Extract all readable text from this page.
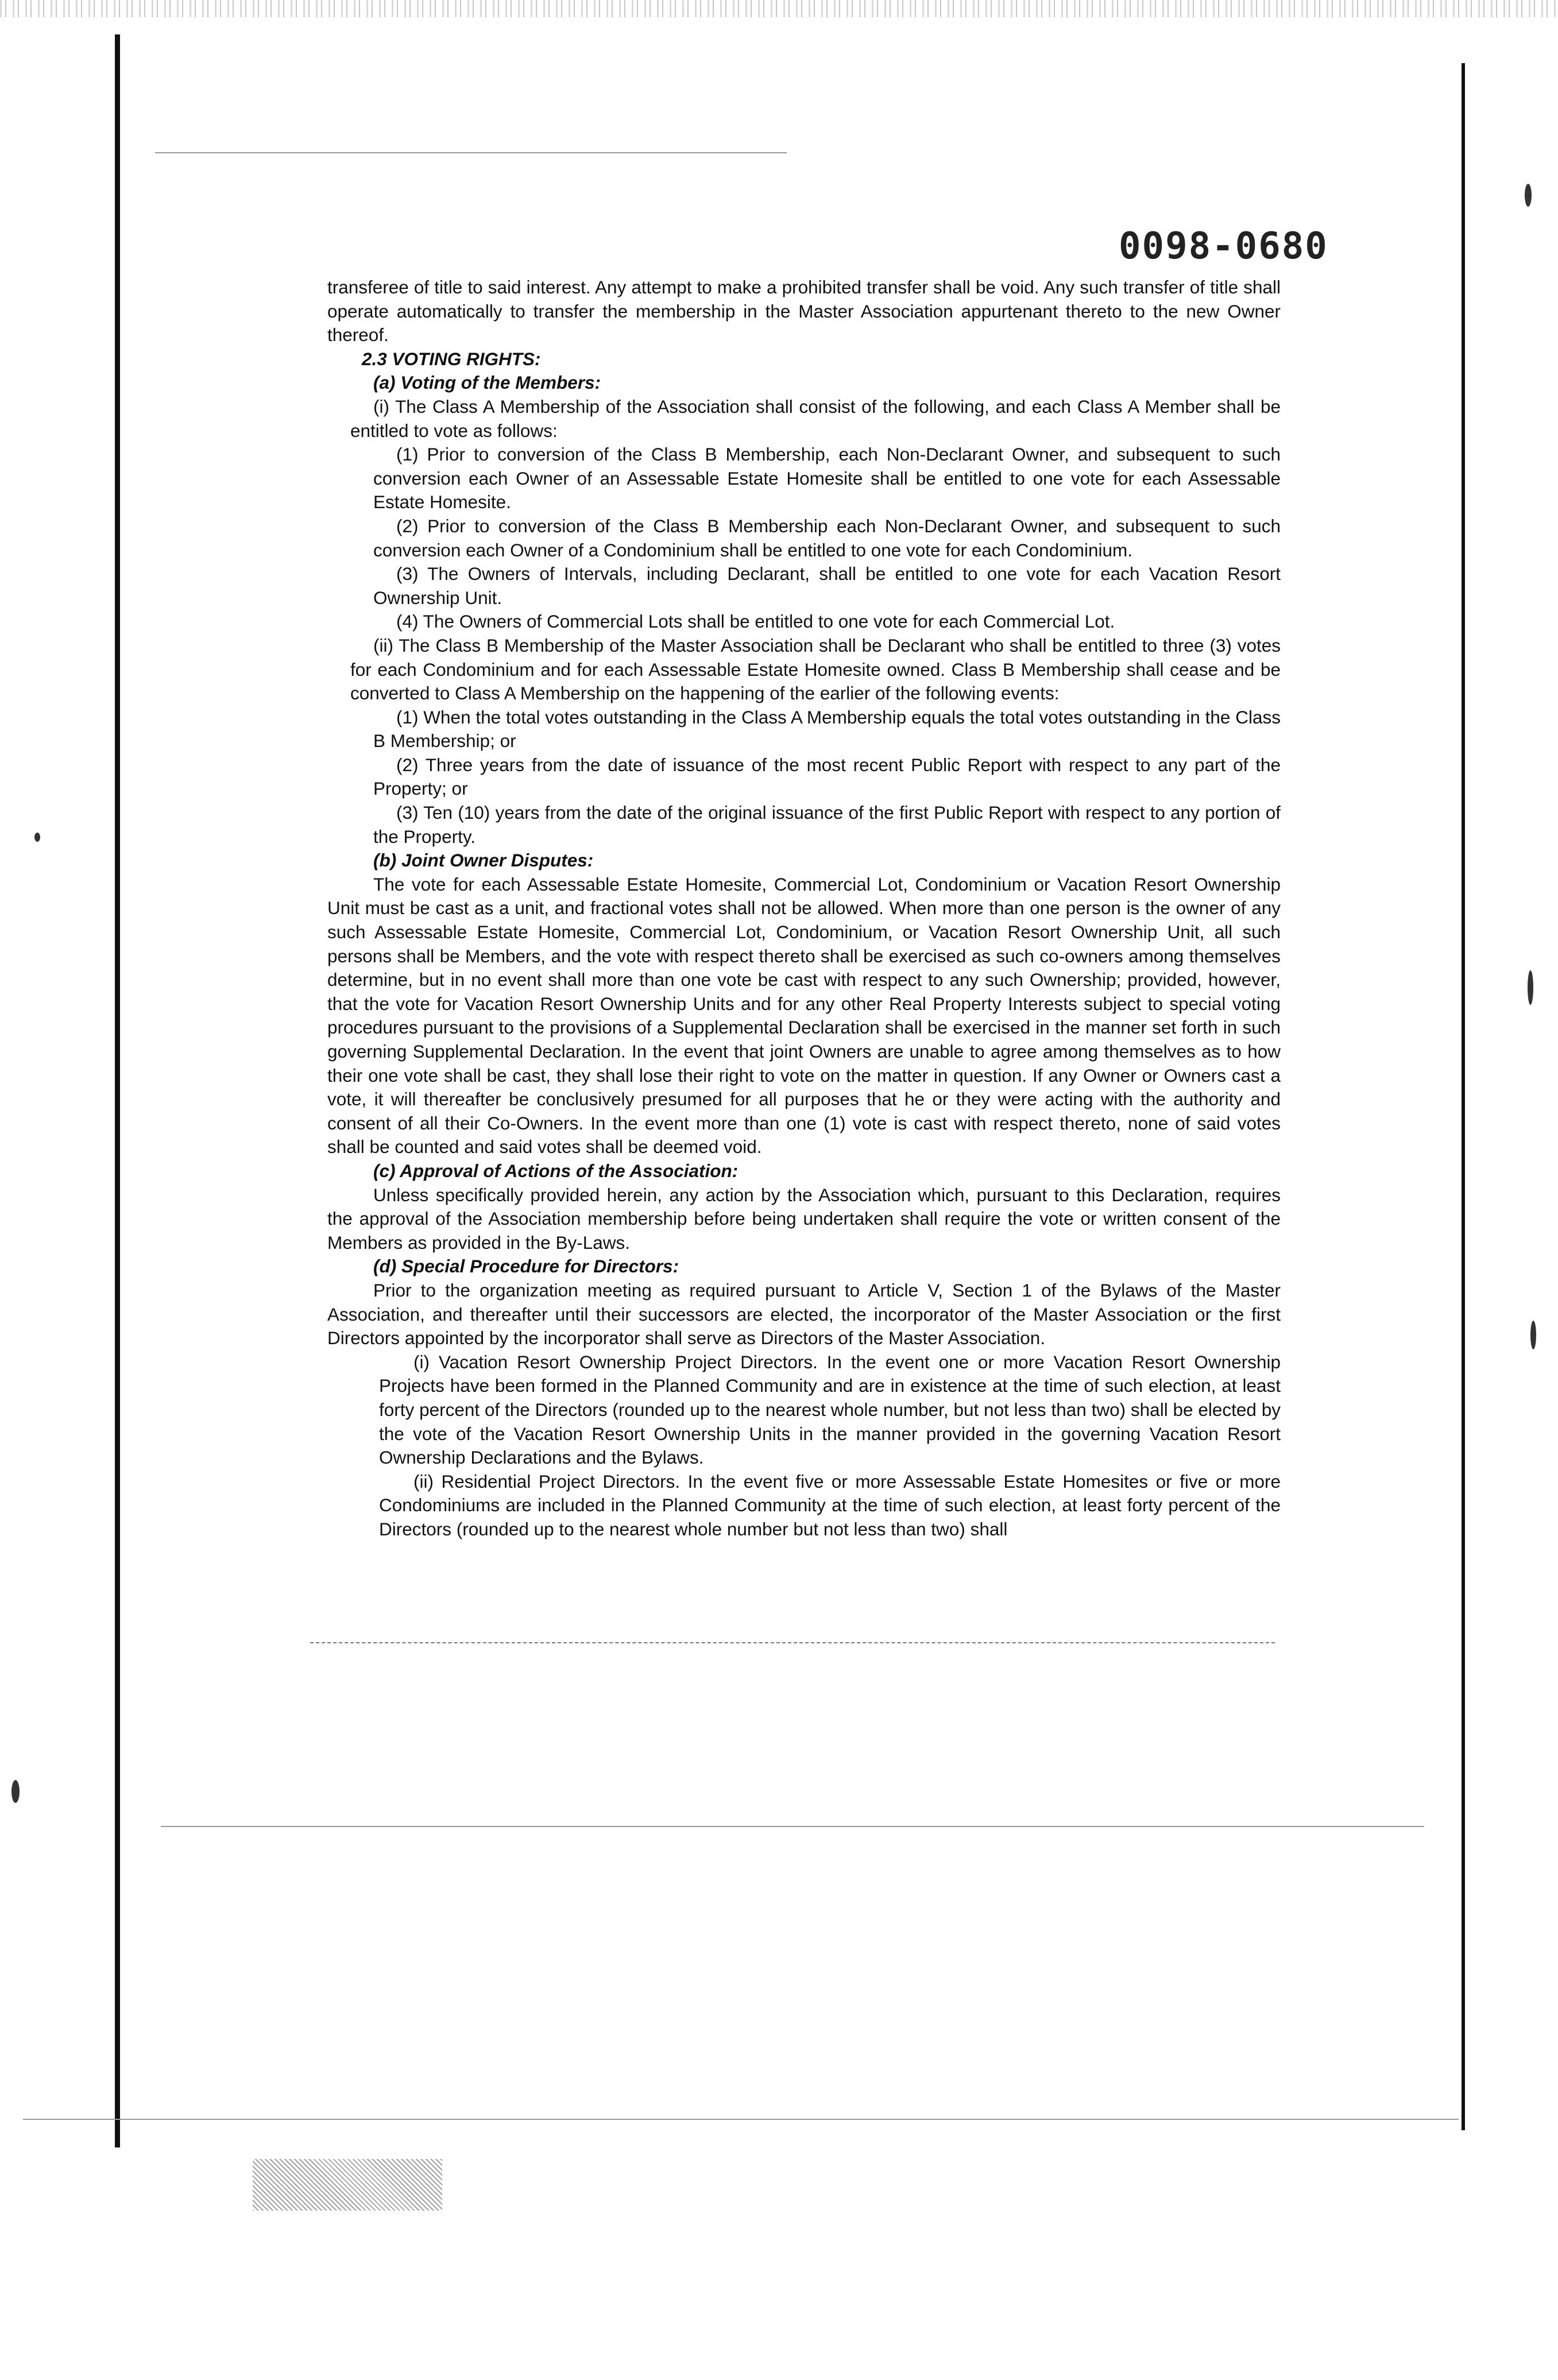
0098-0680

transferee of title to said interest. Any attempt to make a prohibited transfer shall be void. Any such transfer of title shall operate automatically to transfer the membership in the Master Association appurtenant thereto to the new Owner thereof.

2.3 VOTING RIGHTS:

(a) Voting of the Members:

(i) The Class A Membership of the Association shall consist of the following, and each Class A Member shall be entitled to vote as follows:

(1) Prior to conversion of the Class B Membership, each Non-Declarant Owner, and subsequent to such conversion each Owner of an Assessable Estate Homesite shall be entitled to one vote for each Assessable Estate Homesite.

(2) Prior to conversion of the Class B Membership each Non-Declarant Owner, and subsequent to such conversion each Owner of a Condominium shall be entitled to one vote for each Condominium.

(3) The Owners of Intervals, including Declarant, shall be entitled to one vote for each Vacation Resort Ownership Unit.

(4) The Owners of Commercial Lots shall be entitled to one vote for each Commercial Lot.

(ii) The Class B Membership of the Master Association shall be Declarant who shall be entitled to three (3) votes for each Condominium and for each Assessable Estate Homesite owned. Class B Membership shall cease and be converted to Class A Membership on the happening of the earlier of the following events:

(1) When the total votes outstanding in the Class A Membership equals the total votes outstanding in the Class B Membership; or

(2) Three years from the date of issuance of the most recent Public Report with respect to any part of the Property; or

(3) Ten (10) years from the date of the original issuance of the first Public Report with respect to any portion of the Property.

(b) Joint Owner Disputes:

The vote for each Assessable Estate Homesite, Commercial Lot, Condominium or Vacation Resort Ownership Unit must be cast as a unit, and fractional votes shall not be allowed. When more than one person is the owner of any such Assessable Estate Homesite, Commercial Lot, Condominium, or Vacation Resort Ownership Unit, all such persons shall be Members, and the vote with respect thereto shall be exercised as such co-owners among themselves determine, but in no event shall more than one vote be cast with respect to any such Ownership; provided, however, that the vote for Vacation Resort Ownership Units and for any other Real Property Interests subject to special voting procedures pursuant to the provisions of a Supplemental Declaration shall be exercised in the manner set forth in such governing Supplemental Declaration. In the event that joint Owners are unable to agree among themselves as to how their one vote shall be cast, they shall lose their right to vote on the matter in question. If any Owner or Owners cast a vote, it will thereafter be conclusively presumed for all purposes that he or they were acting with the authority and consent of all their Co-Owners. In the event more than one (1) vote is cast with respect thereto, none of said votes shall be counted and said votes shall be deemed void.

(c) Approval of Actions of the Association:

Unless specifically provided herein, any action by the Association which, pursuant to this Declaration, requires the approval of the Association membership before being undertaken shall require the vote or written consent of the Members as provided in the By-Laws.

(d) Special Procedure for Directors:

Prior to the organization meeting as required pursuant to Article V, Section 1 of the Bylaws of the Master Association, and thereafter until their successors are elected, the incorporator of the Master Association or the first Directors appointed by the incorporator shall serve as Directors of the Master Association.

(i) Vacation Resort Ownership Project Directors. In the event one or more Vacation Resort Ownership Projects have been formed in the Planned Community and are in existence at the time of such election, at least forty percent of the Directors (rounded up to the nearest whole number, but not less than two) shall be elected by the vote of the Vacation Resort Ownership Units in the manner provided in the governing Vacation Resort Ownership Declarations and the Bylaws.

(ii) Residential Project Directors. In the event five or more Assessable Estate Homesites or five or more Condominiums are included in the Planned Community at the time of such election, at least forty percent of the Directors (rounded up to the nearest whole number but not less than two) shall
